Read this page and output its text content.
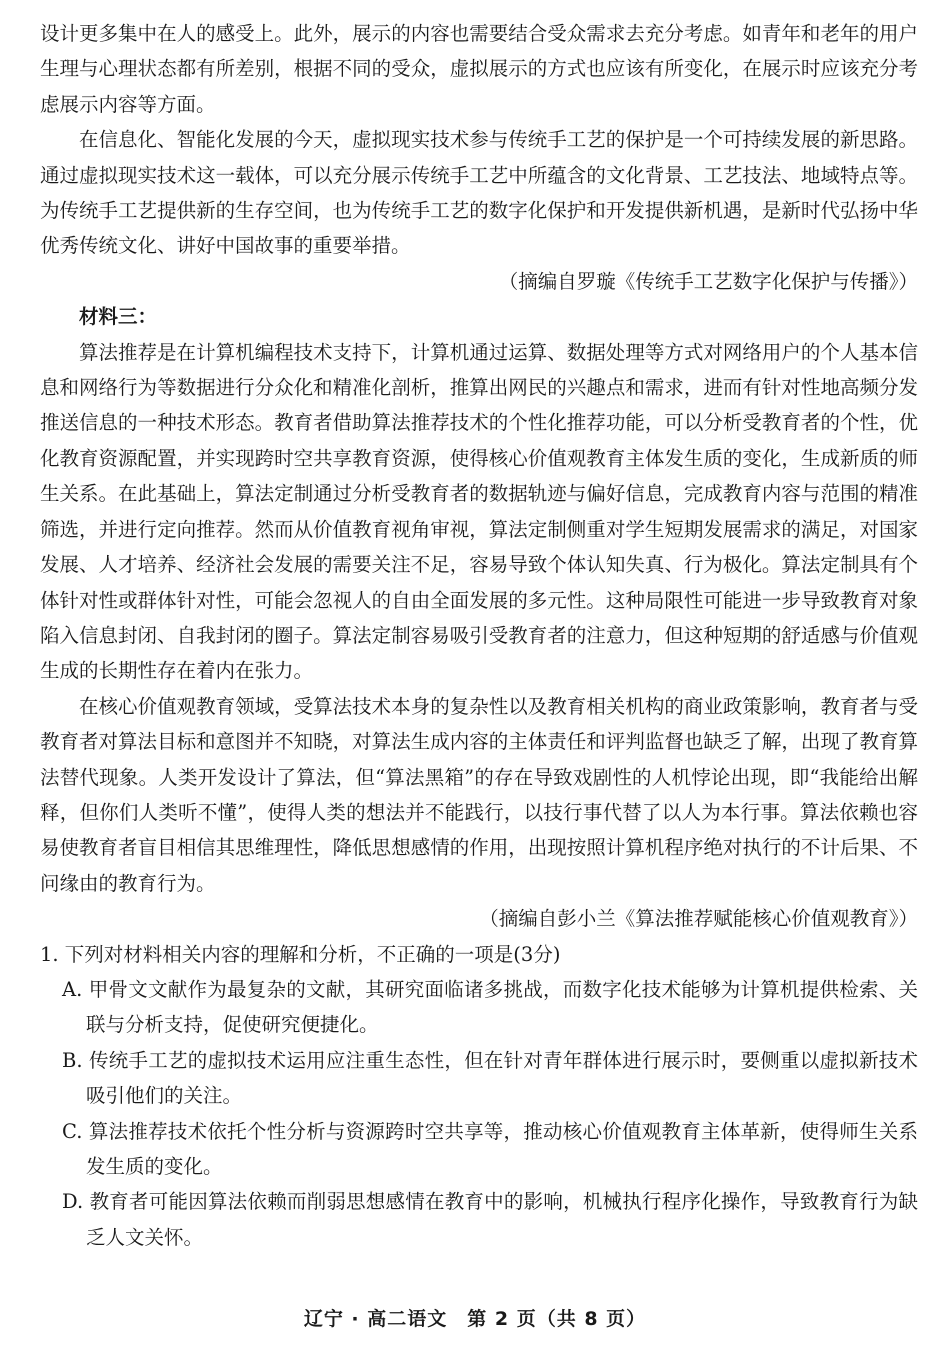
设计更多集中在人的感受上。此外，展示的内容也需要结合受众需求去充分考虑。如青年和老年的用户生理与心理状态都有所差别，根据不同的受众，虚拟展示的方式也应该有所变化，在展示时应该充分考虑展示内容等方面。

在信息化、智能化发展的今天，虚拟现实技术参与传统手工艺的保护是一个可持续发展的新思路。通过虚拟现实技术这一载体，可以充分展示传统手工艺中所蕴含的文化背景、工艺技法、地域特点等。为传统手工艺提供新的生存空间，也为传统手工艺的数字化保护和开发提供新机遇，是新时代弘扬中华优秀传统文化、讲好中国故事的重要举措。

（摘编自罗璇《传统手工艺数字化保护与传播》）

材料三：

算法推荐是在计算机编程技术支持下，计算机通过运算、数据处理等方式对网络用户的个人基本信息和网络行为等数据进行分众化和精准化剖析，推算出网民的兴趣点和需求，进而有针对性地高频分发推送信息的一种技术形态。教育者借助算法推荐技术的个性化推荐功能，可以分析受教育者的个性，优化教育资源配置，并实现跨时空共享教育资源，使得核心价值观教育主体发生质的变化，生成新质的师生关系。在此基础上，算法定制通过分析受教育者的数据轨迹与偏好信息，完成教育内容与范围的精准筛选，并进行定向推荐。然而从价值教育视角审视，算法定制侧重对学生短期发展需求的满足，对国家发展、人才培养、经济社会发展的需要关注不足，容易导致个体认知失真、行为极化。算法定制具有个体针对性或群体针对性，可能会忽视人的自由全面发展的多元性。这种局限性可能进一步导致教育对象陷入信息封闭、自我封闭的圈子。算法定制容易吸引受教育者的注意力，但这种短期的舒适感与价值观生成的长期性存在着内在张力。

在核心价值观教育领域，受算法技术本身的复杂性以及教育相关机构的商业政策影响，教育者与受教育者对算法目标和意图并不知晓，对算法生成内容的主体责任和评判监督也缺乏了解，出现了教育算法替代现象。人类开发设计了算法，但“算法黑箱”的存在导致戏剧性的人机悖论出现，即“我能给出解释，但你们人类听不懂”，使得人类的想法并不能践行，以技行事代替了以人为本行事。算法依赖也容易使教育者盲目相信其思维理性，降低思想感情的作用，出现按照计算机程序绝对执行的不计后果、不问缘由的教育行为。

（摘编自彭小兰《算法推荐赋能核心价值观教育》）

1. 下列对材料相关内容的理解和分析，不正确的一项是(3分)

A. 甲骨文文献作为最复杂的文献，其研究面临诸多挑战，而数字化技术能够为计算机提供检索、关联与分析支持，促使研究便捷化。

B. 传统手工艺的虚拟技术运用应注重生态性，但在针对青年群体进行展示时，要侧重以虚拟新技术吸引他们的关注。

C. 算法推荐技术依托个性分析与资源跨时空共享等，推动核心价值观教育主体革新，使得师生关系发生质的变化。

D. 教育者可能因算法依赖而削弱思想感情在教育中的影响，机械执行程序化操作，导致教育行为缺乏人文关怀。

辽宁 · 高二语文　第 2 页（共 8 页）
